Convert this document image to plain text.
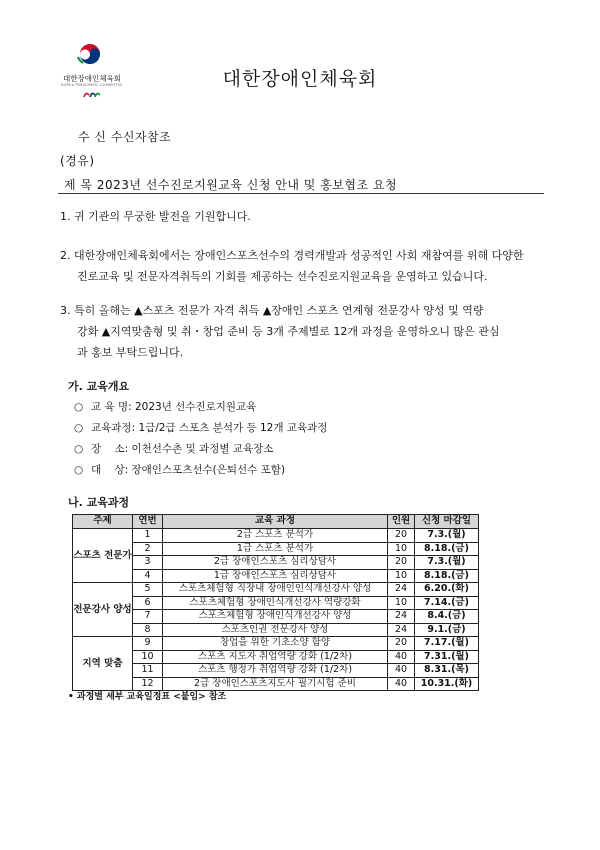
대한장애인체육회
KOREA PARALYMPIC COMMITTEE	대한장애인체육회
수 신 수신자참조
(경유)
제 목 2023년 선수진로지원교육 신청 안내 및 홍보협조 요청
1. 귀 기관의 무궁한 발전을 기원합니다.
2. 대한장애인체육회에서는 장애인스포츠선수의 경력개발과 성공적인 사회 재참여를 위해 다양한
진로교육 및 전문자격취득의 기회를 제공하는 선수진로지원교육을 운영하고 있습니다.
3. 특히 올해는 ▲스포츠 전문가 자격 취득 ▲장애인 스포츠 연계형 전문강사 양성 및 역량
강화 ▲지역맞춤형 및 취・창업 준비 등 3개 주제별로 12개 과정을 운영하오니 많은 관심
과 홍보 부탁드립니다.
가. 교육개요
○ 교 육 명: 2023년 선수진로지원교육
○ 교육과정: 1급/2급 스포츠 분석가 등 12개 교육과정
○ 장    소: 이천선수촌 및 과정별 교육장소
○ 대    상: 장애인스포츠선수(은퇴선수 포함)
나. 교육과정
주제	연번	교육 과정	인원	신청 마감일
스포츠 전문가	1	2급 스포츠 분석가	20	7.3.(월)
	2	1급 스포츠 분석가	10	8.18.(금)
	3	2급 장애인스포츠 심리상담사	20	7.3.(월)
	4	1급 장애인스포츠 심리상담사	10	8.18.(금)
전문강사 양성	5	스포츠체험형 직장내 장애인인식개선강사 양성	24	6.20.(화)
	6	스포츠체험형 장애인식개선강사 역량강화	10	7.14.(금)
	7	스포츠체험형 장애인식개선강사 양성	24	8.4.(금)
	8	스포츠인권 전문강사 양성	24	9.1.(금)
지역 맞춤	9	창업을 위한 기초소양 함양	20	7.17.(월)
	10	스포츠 지도자 취업역량 강화 (1/2차)	40	7.31.(월)
	11	스포츠 행정가 취업역량 강화 (1/2차)	40	8.31.(목)
	12	2급 장애인스포츠지도사 필기시험 준비	40	10.31.(화)
• 과정별 세부 교육일정표 <붙임> 참조
